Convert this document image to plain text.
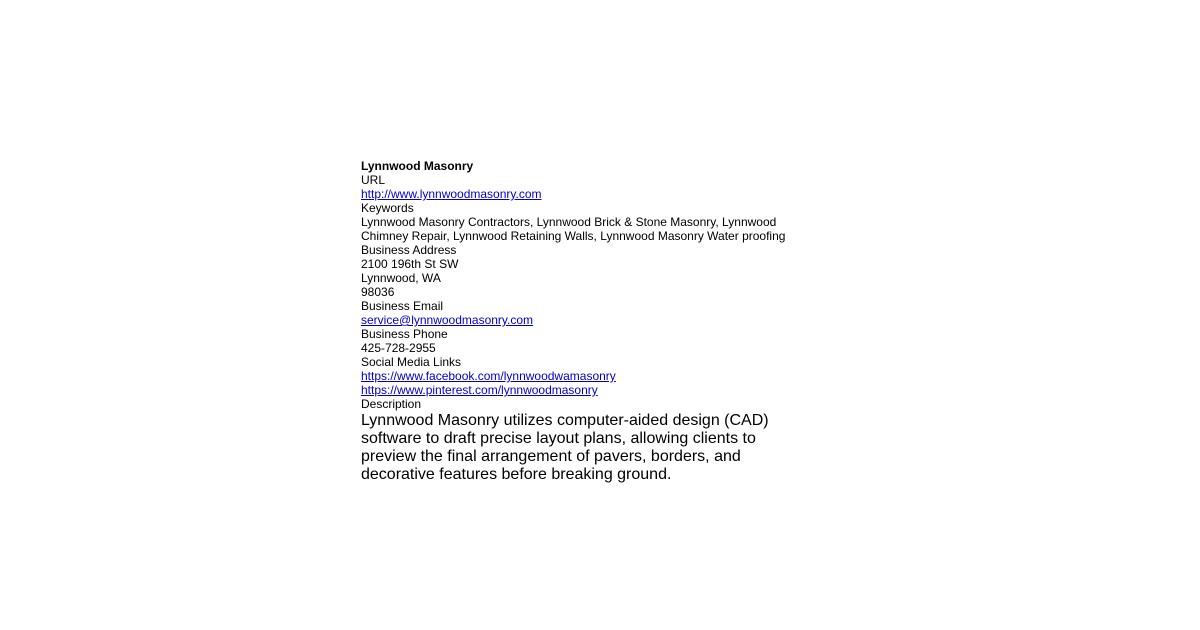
Lynnwood Masonry
URL
http://www.lynnwoodmasonry.com
Keywords
Lynnwood Masonry Contractors, Lynnwood Brick & Stone Masonry, Lynnwood Chimney Repair, Lynnwood Retaining Walls, Lynnwood Masonry Water proofing
Business Address
2100 196th St SW
Lynnwood, WA
98036
Business Email
service@lynnwoodmasonry.com
Business Phone
425-728-2955
Social Media Links
https://www.facebook.com/lynnwoodwamasonry
https://www.pinterest.com/lynnwoodmasonry
Description
Lynnwood Masonry utilizes computer-aided design (CAD) software to draft precise layout plans, allowing clients to preview the final arrangement of pavers, borders, and decorative features before breaking ground.
